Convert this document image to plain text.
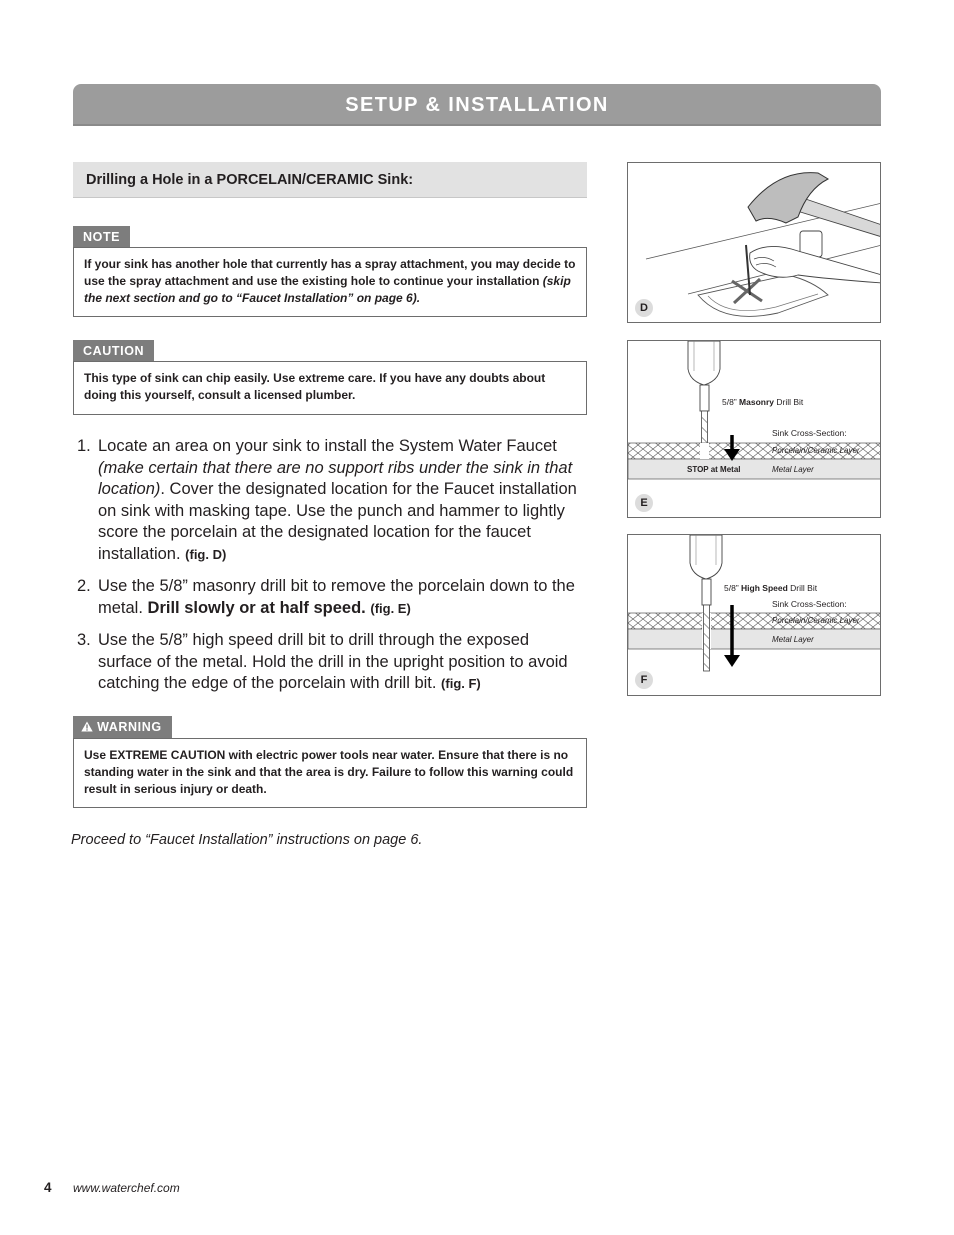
SETUP & INSTALLATION
Drilling a Hole in a PORCELAIN/CERAMIC Sink:
NOTE
If your sink has another hole that currently has a spray attachment, you may decide to use the spray attachment and use the existing hole to continue your installation (skip the next section and go to “Faucet Installation” on page 6).
CAUTION
This type of sink can chip easily. Use extreme care. If you have any doubts about doing this yourself, consult a licensed plumber.
1. Locate an area on your sink to install the System Water Faucet (make certain that there are no support ribs under the sink in that location). Cover the designated location for the Faucet installation on sink with masking tape. Use the punch and hammer to lightly score the porcelain at the designated location for the faucet installation. (fig. D)
2. Use the 5/8” masonry drill bit to remove the porcelain down to the metal. Drill slowly or at half speed. (fig. E)
3. Use the 5/8” high speed drill bit to drill through the exposed surface of the metal. Hold the drill in the upright position to avoid catching the edge of the porcelain with drill bit. (fig. F)
WARNING
Use EXTREME CAUTION with electric power tools near water. Ensure that there is no standing water in the sink and that the area is dry. Failure to follow this warning could result in serious injury or death.
Proceed to “Faucet Installation” instructions on page 6.
D
5/8” Masonry Drill Bit
Sink Cross-Section:
Porcelain/Ceramic Layer
Metal Layer
STOP at Metal
E
5/8” High Speed Drill Bit
Sink Cross-Section:
Porcelain/Ceramic Layer
Metal Layer
F
4 www.waterchef.com
